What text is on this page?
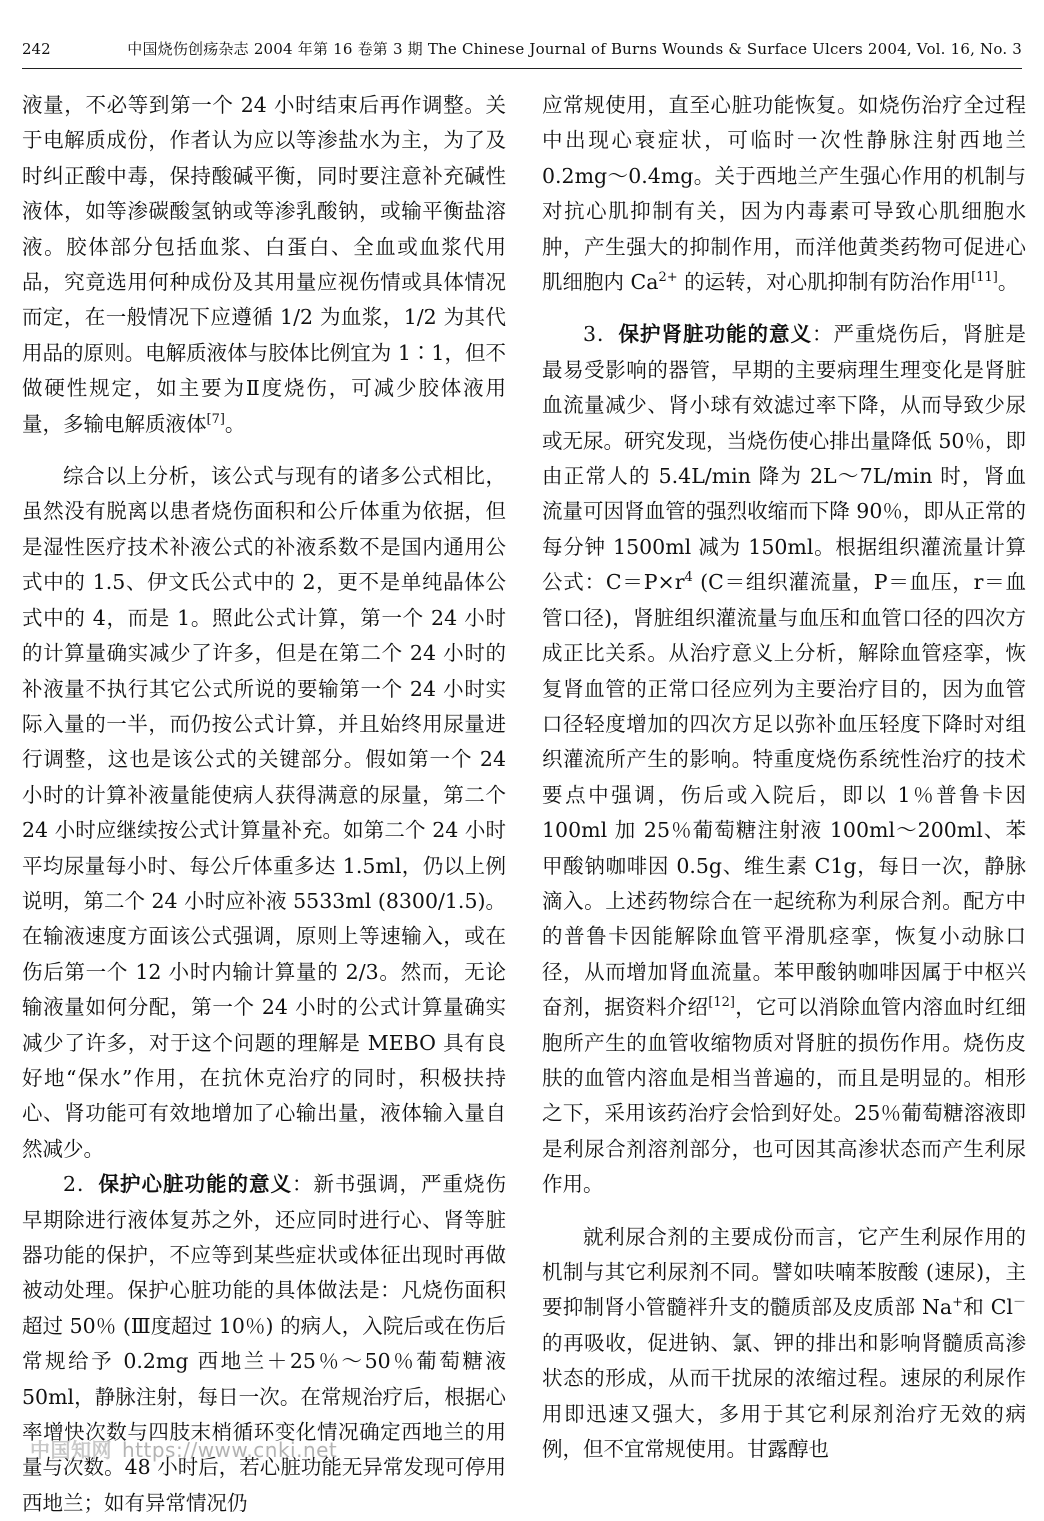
242	中国烧伤创疡杂志 2004 年第 16 卷第 3 期 The Chinese Journal of Burns Wounds & Surface Ulcers 2004, Vol. 16, No. 3

液量，不必等到第一个 24 小时结束后再作调整。关于电解质成份，作者认为应以等渗盐水为主，为了及时纠正酸中毒，保持酸碱平衡，同时要注意补充碱性液体，如等渗碳酸氢钠或等渗乳酸钠，或输平衡盐溶液。胶体部分包括血浆、白蛋白、全血或血浆代用品，究竟选用何种成份及其用量应视伤情或具体情况而定，在一般情况下应遵循 1/2 为血浆，1/2 为其代用品的原则。电解质液体与胶体比例宜为 1∶1，但不做硬性规定，如主要为Ⅱ度烧伤，可减少胶体液用量，多输电解质液体[7]。

综合以上分析，该公式与现有的诸多公式相比，虽然没有脱离以患者烧伤面积和公斤体重为依据，但是湿性医疗技术补液公式的补液系数不是国内通用公式中的 1.5、伊文氏公式中的 2，更不是单纯晶体公式中的 4，而是 1。照此公式计算，第一个 24 小时的计算量确实减少了许多，但是在第二个 24 小时的补液量不执行其它公式所说的要输第一个 24 小时实际入量的一半，而仍按公式计算，并且始终用尿量进行调整，这也是该公式的关键部分。假如第一个 24 小时的计算补液量能使病人获得满意的尿量，第二个 24 小时应继续按公式计算量补充。如第二个 24 小时平均尿量每小时、每公斤体重多达 1.5ml，仍以上例说明，第二个 24 小时应补液 5533ml (8300/1.5)。在输液速度方面该公式强调，原则上等速输入，或在伤后第一个 12 小时内输计算量的 2/3。然而，无论输液量如何分配，第一个 24 小时的公式计算量确实减少了许多，对于这个问题的理解是 MEBO 具有良好地“保水”作用，在抗休克治疗的同时，积极扶持心、肾功能可有效地增加了心输出量，液体输入量自然减少。

2．保护心脏功能的意义：新书强调，严重烧伤早期除进行液体复苏之外，还应同时进行心、肾等脏器功能的保护，不应等到某些症状或体征出现时再做被动处理。保护心脏功能的具体做法是：凡烧伤面积超过 50％ (Ⅲ度超过 10％) 的病人，入院后或在伤后常规给予 0.2mg 西地兰＋25％～50％葡萄糖液 50ml，静脉注射，每日一次。在常规治疗后，根据心率增快次数与四肢末梢循环变化情况确定西地兰的用量与次数。48 小时后，若心脏功能无异常发现可停用西地兰；如有异常情况仍

应常规使用，直至心脏功能恢复。如烧伤治疗全过程中出现心衰症状，可临时一次性静脉注射西地兰 0.2mg～0.4mg。关于西地兰产生强心作用的机制与对抗心肌抑制有关，因为内毒素可导致心肌细胞水肿，产生强大的抑制作用，而洋他黄类药物可促进心肌细胞内 $Ca^{2+}$ 的运转，对心肌抑制有防治作用[11]。

3．保护肾脏功能的意义：严重烧伤后，肾脏是最易受影响的器管，早期的主要病理生理变化是肾脏血流量减少、肾小球有效滤过率下降，从而导致少尿或无尿。研究发现，当烧伤使心排出量降低 50％，即由正常人的 5.4L/min 降为 2L～7L/min 时，肾血流量可因肾血管的强烈收缩而下降 90％，即从正常的每分钟 1500ml 减为 150ml。根据组织灌流量计算公式：$C=P\times r^4$ (C＝组织灌流量，P＝血压，r＝血管口径)，肾脏组织灌流量与血压和血管口径的四次方成正比关系。从治疗意义上分析，解除血管痉挛，恢复肾血管的正常口径应列为主要治疗目的，因为血管口径轻度增加的四次方足以弥补血压轻度下降时对组织灌流所产生的影响。特重度烧伤系统性治疗的技术要点中强调，伤后或入院后，即以 1％普鲁卡因 100ml 加 25％葡萄糖注射液 100ml～200ml、苯甲酸钠咖啡因 0.5g、维生素 C1g，每日一次，静脉滴入。上述药物综合在一起统称为利尿合剂。配方中的普鲁卡因能解除血管平滑肌痉挛，恢复小动脉口径，从而增加肾血流量。苯甲酸钠咖啡因属于中枢兴奋剂，据资料介绍[12]，它可以消除血管内溶血时红细胞所产生的血管收缩物质对肾脏的损伤作用。烧伤皮肤的血管内溶血是相当普遍的，而且是明显的。相形之下，采用该药治疗会恰到好处。25％葡萄糖溶液即是利尿合剂溶剂部分，也可因其高渗状态而产生利尿作用。

就利尿合剂的主要成份而言，它产生利尿作用的机制与其它利尿剂不同。譬如呋喃苯胺酸 (速尿)，主要抑制肾小管髓袢升支的髓质部及皮质部 Na+和 Cl－ 的再吸收，促进钠、氯、钾的排出和影响肾髓质高渗状态的形成，从而干扰尿的浓缩过程。速尿的利尿作用即迅速又强大，多用于其它利尿剂治疗无效的病例，但不宜常规使用。甘露醇也

中国知网 https://www.cnki.net
